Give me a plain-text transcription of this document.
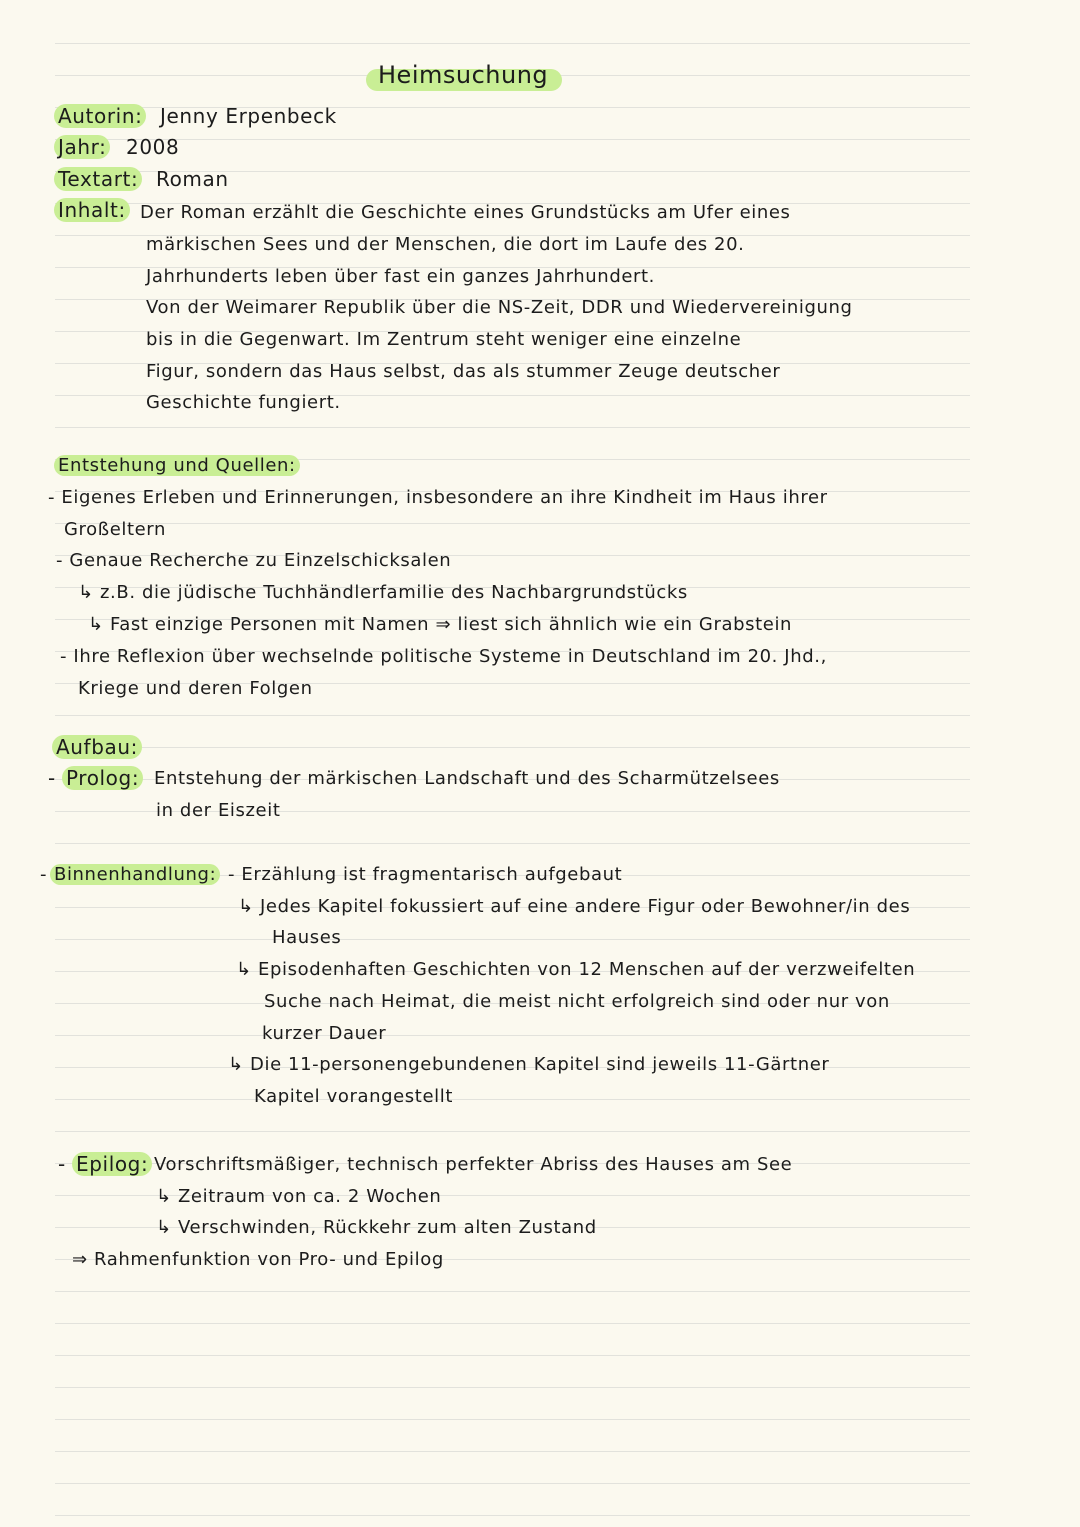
Heimsuchung
Autorin: Jenny Erpenbeck
Jahr: 2008
Textart: Roman
Inhalt: Der Roman erzählt die Geschichte eines Grundstücks am Ufer eines
märkischen Sees und der Menschen, die dort im Laufe des 20.
Jahrhunderts leben über fast ein ganzes Jahrhundert.
Von der Weimarer Republik über die NS-Zeit, DDR und Wiedervereinigung
bis in die Gegenwart. Im Zentrum steht weniger eine einzelne
Figur, sondern das Haus selbst, das als stummer Zeuge deutscher
Geschichte fungiert.
Entstehung und Quellen:
- Eigenes Erleben und Erinnerungen, insbesondere an ihre Kindheit im Haus ihrer
Großeltern
- Genaue Recherche zu Einzelschicksalen
↳ z.B. die jüdische Tuchhändlerfamilie des Nachbargrundstücks
↳ Fast einzige Personen mit Namen ⇒ liest sich ähnlich wie ein Grabstein
- Ihre Reflexion über wechselnde politische Systeme in Deutschland im 20. Jhd.,
Kriege und deren Folgen
Aufbau:
- Prolog: Entstehung der märkischen Landschaft und des Scharmützelsees
in der Eiszeit
- Binnenhandlung: - Erzählung ist fragmentarisch aufgebaut
↳ Jedes Kapitel fokussiert auf eine andere Figur oder Bewohner/in des
Hauses
↳ Episodenhaften Geschichten von 12 Menschen auf der verzweifelten
Suche nach Heimat, die meist nicht erfolgreich sind oder nur von
kurzer Dauer
↳ Die 11-personengebundenen Kapitel sind jeweils 11-Gärtner
Kapitel vorangestellt
- Epilog: Vorschriftsmäßiger, technisch perfekter Abriss des Hauses am See
↳ Zeitraum von ca. 2 Wochen
↳ Verschwinden, Rückkehr zum alten Zustand
⇒ Rahmenfunktion von Pro- und Epilog
